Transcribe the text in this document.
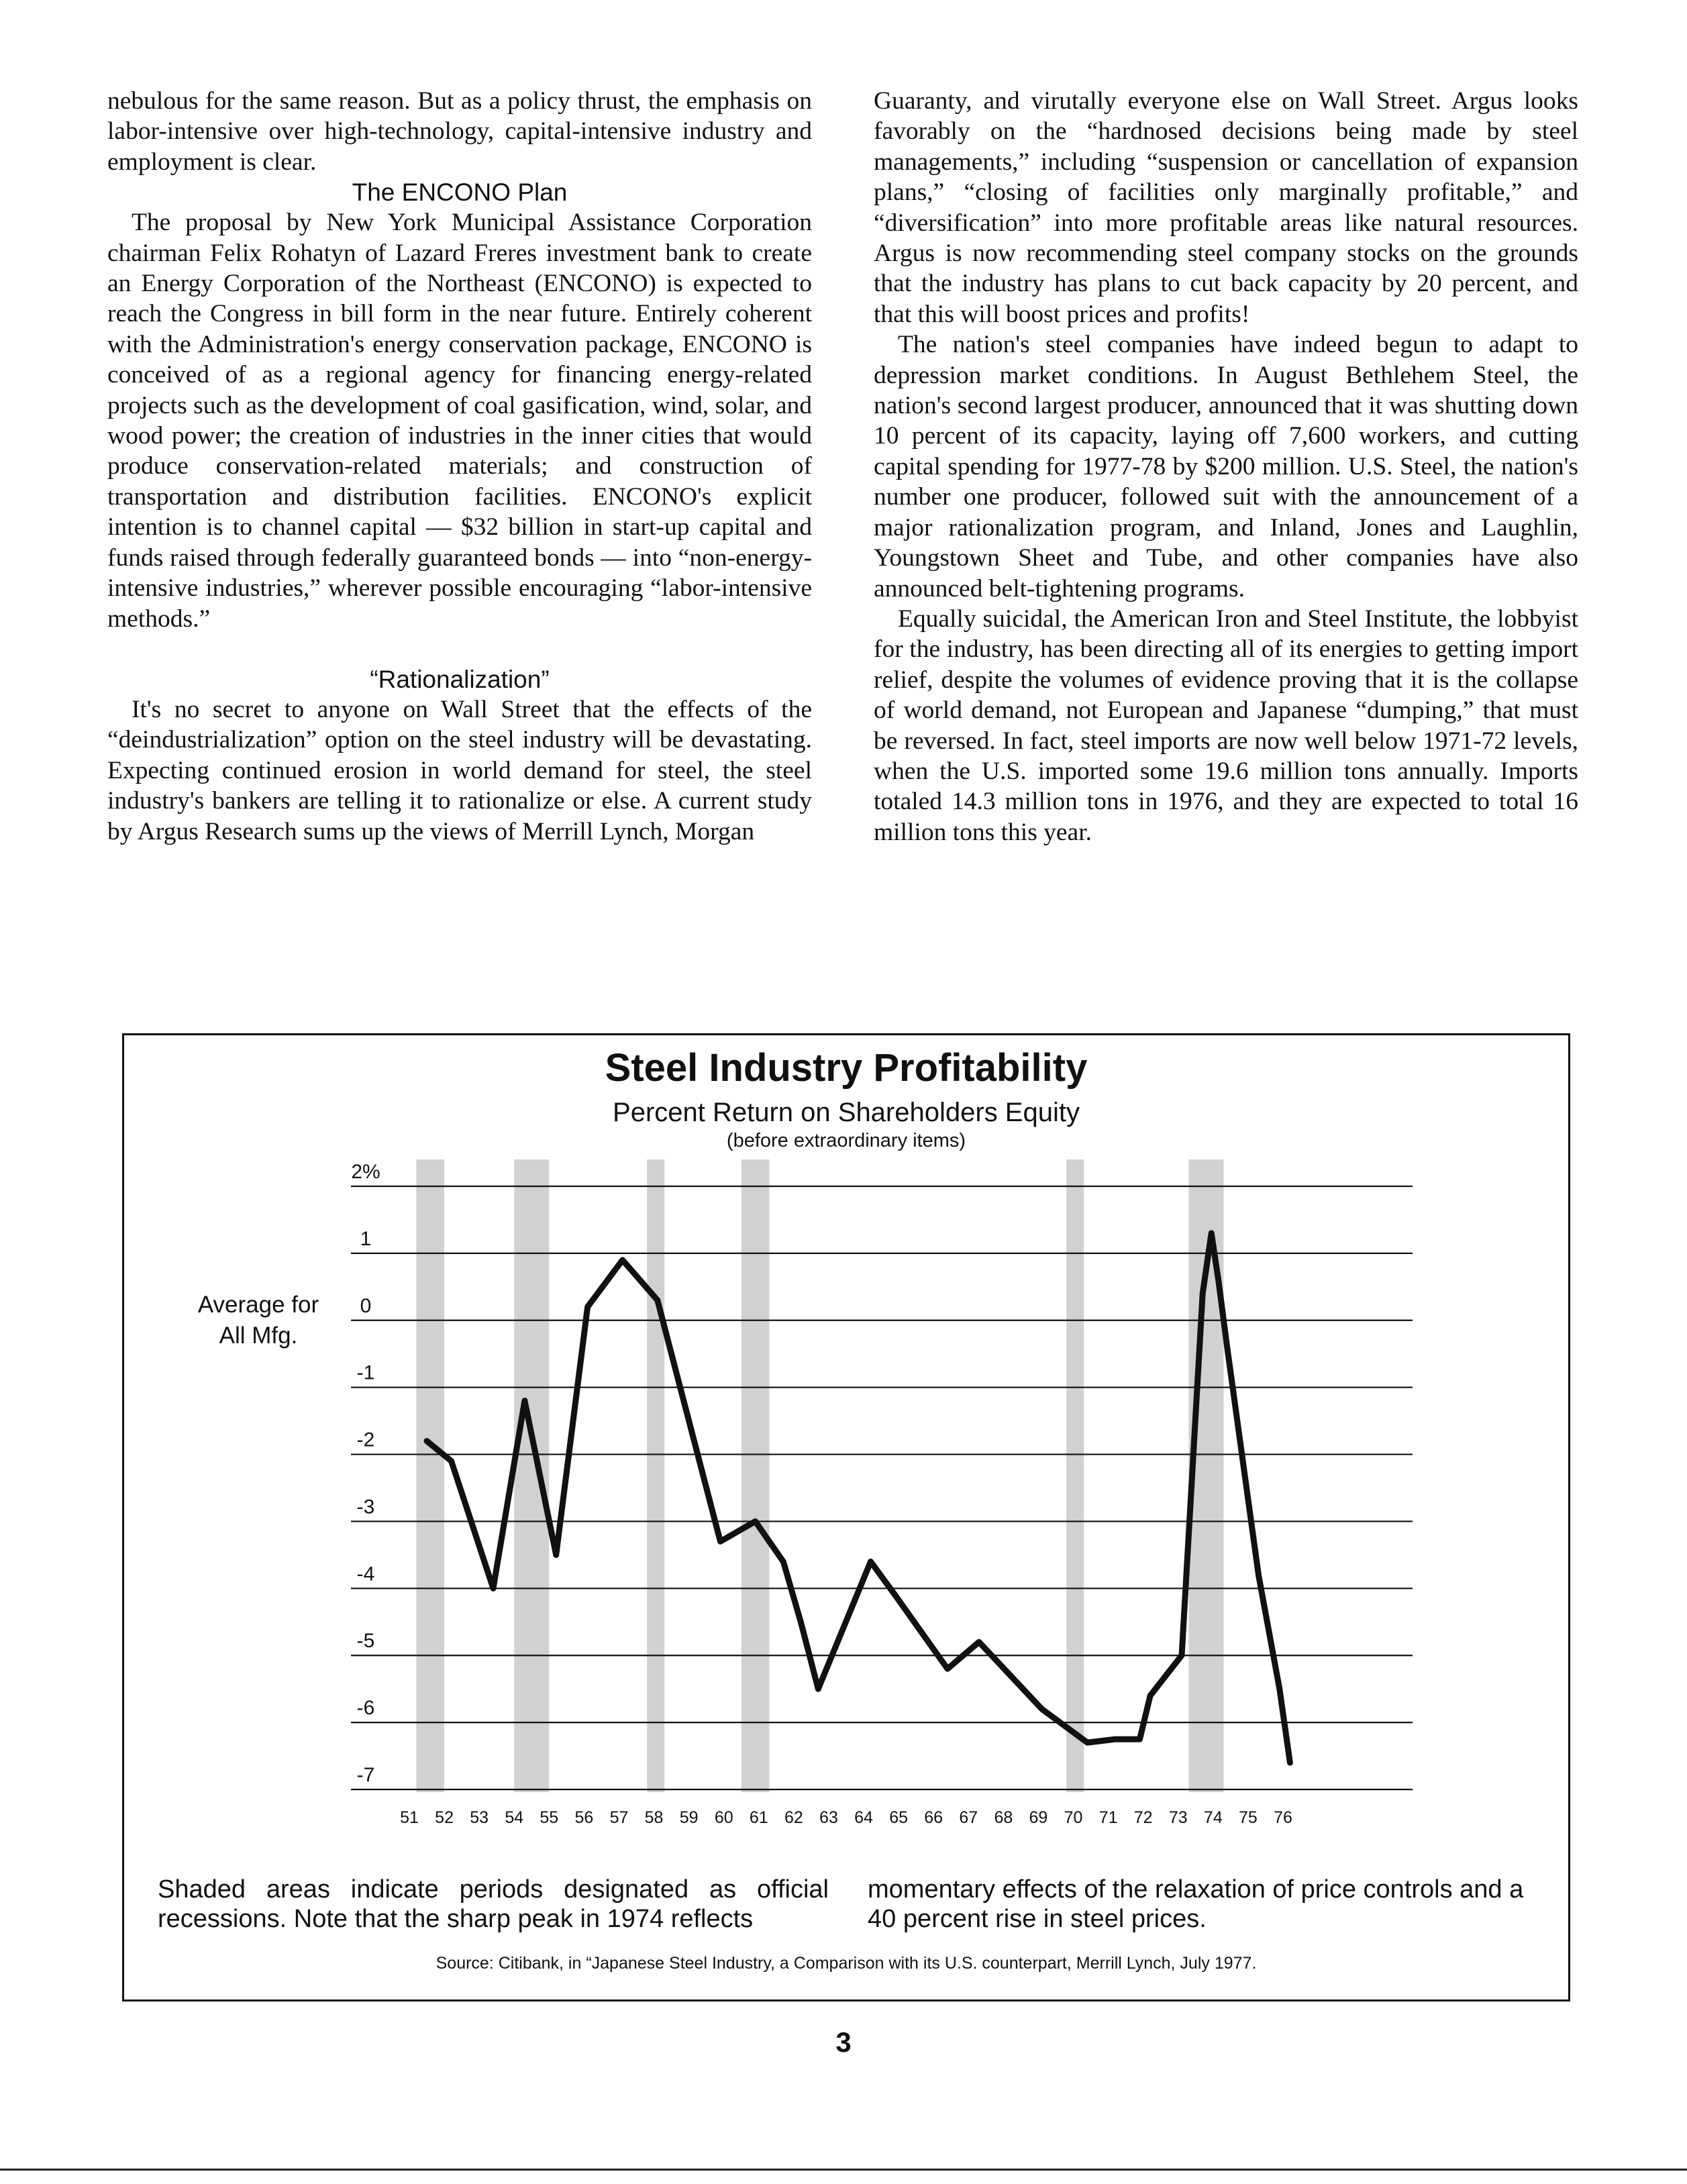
nebulous for the same reason. But as a policy thrust, the emphasis on labor-intensive over high-technology, capital-intensive industry and employment is clear.

The ENCONO Plan

The proposal by New York Municipal Assistance Corporation chairman Felix Rohatyn of Lazard Freres investment bank to create an Energy Corporation of the Northeast (ENCONO) is expected to reach the Congress in bill form in the near future. Entirely coherent with the Administration's energy conservation package, ENCONO is conceived of as a regional agency for financing energy-related projects such as the development of coal gasification, wind, solar, and wood power; the creation of industries in the inner cities that would produce conservation-related materials; and construction of transportation and distribution facilities. ENCONO's explicit intention is to channel capital — $32 billion in start-up capital and funds raised through federally guaranteed bonds — into “non-energy-intensive industries,” wherever possible encouraging “labor-intensive methods.”

“Rationalization”

It's no secret to anyone on Wall Street that the effects of the “deindustrialization” option on the steel industry will be devastating. Expecting continued erosion in world demand for steel, the steel industry's bankers are telling it to rationalize or else. A current study by Argus Research sums up the views of Merrill Lynch, Morgan

Guaranty, and virutally everyone else on Wall Street. Argus looks favorably on the “hardnosed decisions being made by steel managements,” including “suspension or cancellation of expansion plans,” “closing of facilities only marginally profitable,” and “diversification” into more profitable areas like natural resources. Argus is now recommending steel company stocks on the grounds that the industry has plans to cut back capacity by 20 percent, and that this will boost prices and profits!

The nation's steel companies have indeed begun to adapt to depression market conditions. In August Bethlehem Steel, the nation's second largest producer, announced that it was shutting down 10 percent of its capacity, laying off 7,600 workers, and cutting capital spending for 1977-78 by $200 million. U.S. Steel, the nation's number one producer, followed suit with the announcement of a major rationalization program, and Inland, Jones and Laughlin, Youngstown Sheet and Tube, and other companies have also announced belt-tightening programs.

Equally suicidal, the American Iron and Steel Institute, the lobbyist for the industry, has been directing all of its energies to getting import relief, despite the volumes of evidence proving that it is the collapse of world demand, not European and Japanese “dumping,” that must be reversed. In fact, steel imports are now well below 1971-72 levels, when the U.S. imported some 19.6 million tons annually. Imports totaled 14.3 million tons in 1976, and they are expected to total 16 million tons this year.

2%
1
0
-1
-2
-3
-4
-5
-6
-7
51 52 53 54 55 56 57 58 59 60 61 62 63 64 65 66 67 68 69 70 71 72 73 74 75 76
Average for All Mfg.
Steel Industry Profitability
Percent Return on Shareholders Equity
(before extraordinary items)
Shaded areas indicate periods designated as official recessions. Note that the sharp peak in 1974 reflects
momentary effects of the relaxation of price controls and a 40 percent rise in steel prices.
Source: Citibank, in “Japanese Steel Industry, a Comparison with its U.S. counterpart, Merrill Lynch, July 1977.
3
